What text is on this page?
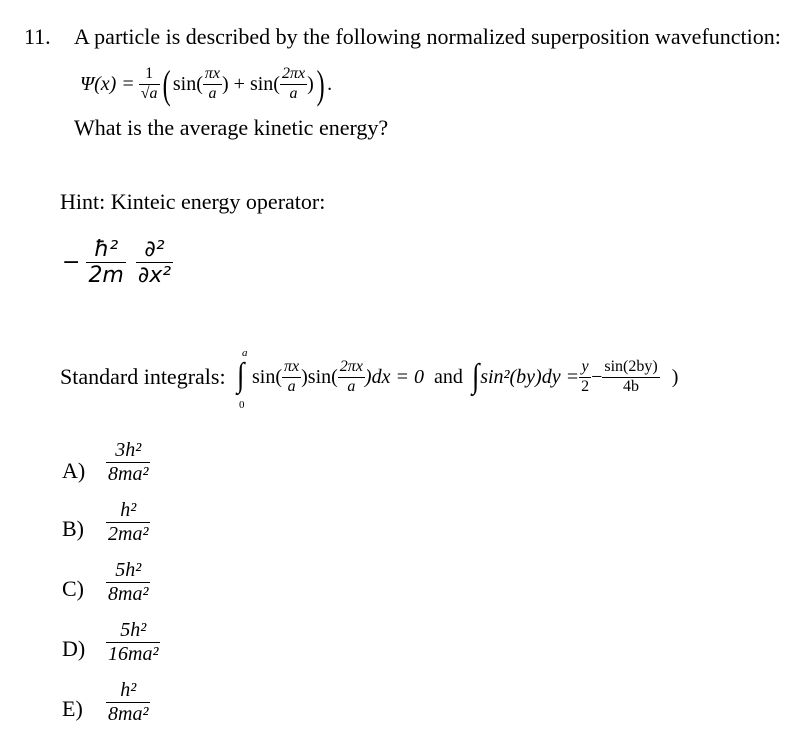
11. A particle is described by the following normalized superposition wavefunction:
$\Psi(x) = \frac{1}{√a}$ ( $\sin( \frac{\pi x}{a}$ ) + $\sin( \frac{2\pi x}{a}$ ) ) .
What is the average kinetic energy?
Hint: Kinteic energy operator:
− $\frac{\text{ħ²}}{2m} \frac{\text{∂²}}{\text{∂x²}}$
Standard integrals:
a
∫
0
$\sin( \frac{\pi x}{a} )\sin( \frac{2\pi x}{a} )dx = 0$ and ∫ $\sin^2(by)dy = \frac{y}{2} - \frac{\sin(2by)}{4b}$ )
A)
3h²
8ma²
B)
h²
2ma²
C)
5h²
8ma²
D)
5h²
16ma²
E)
h²
8ma²
